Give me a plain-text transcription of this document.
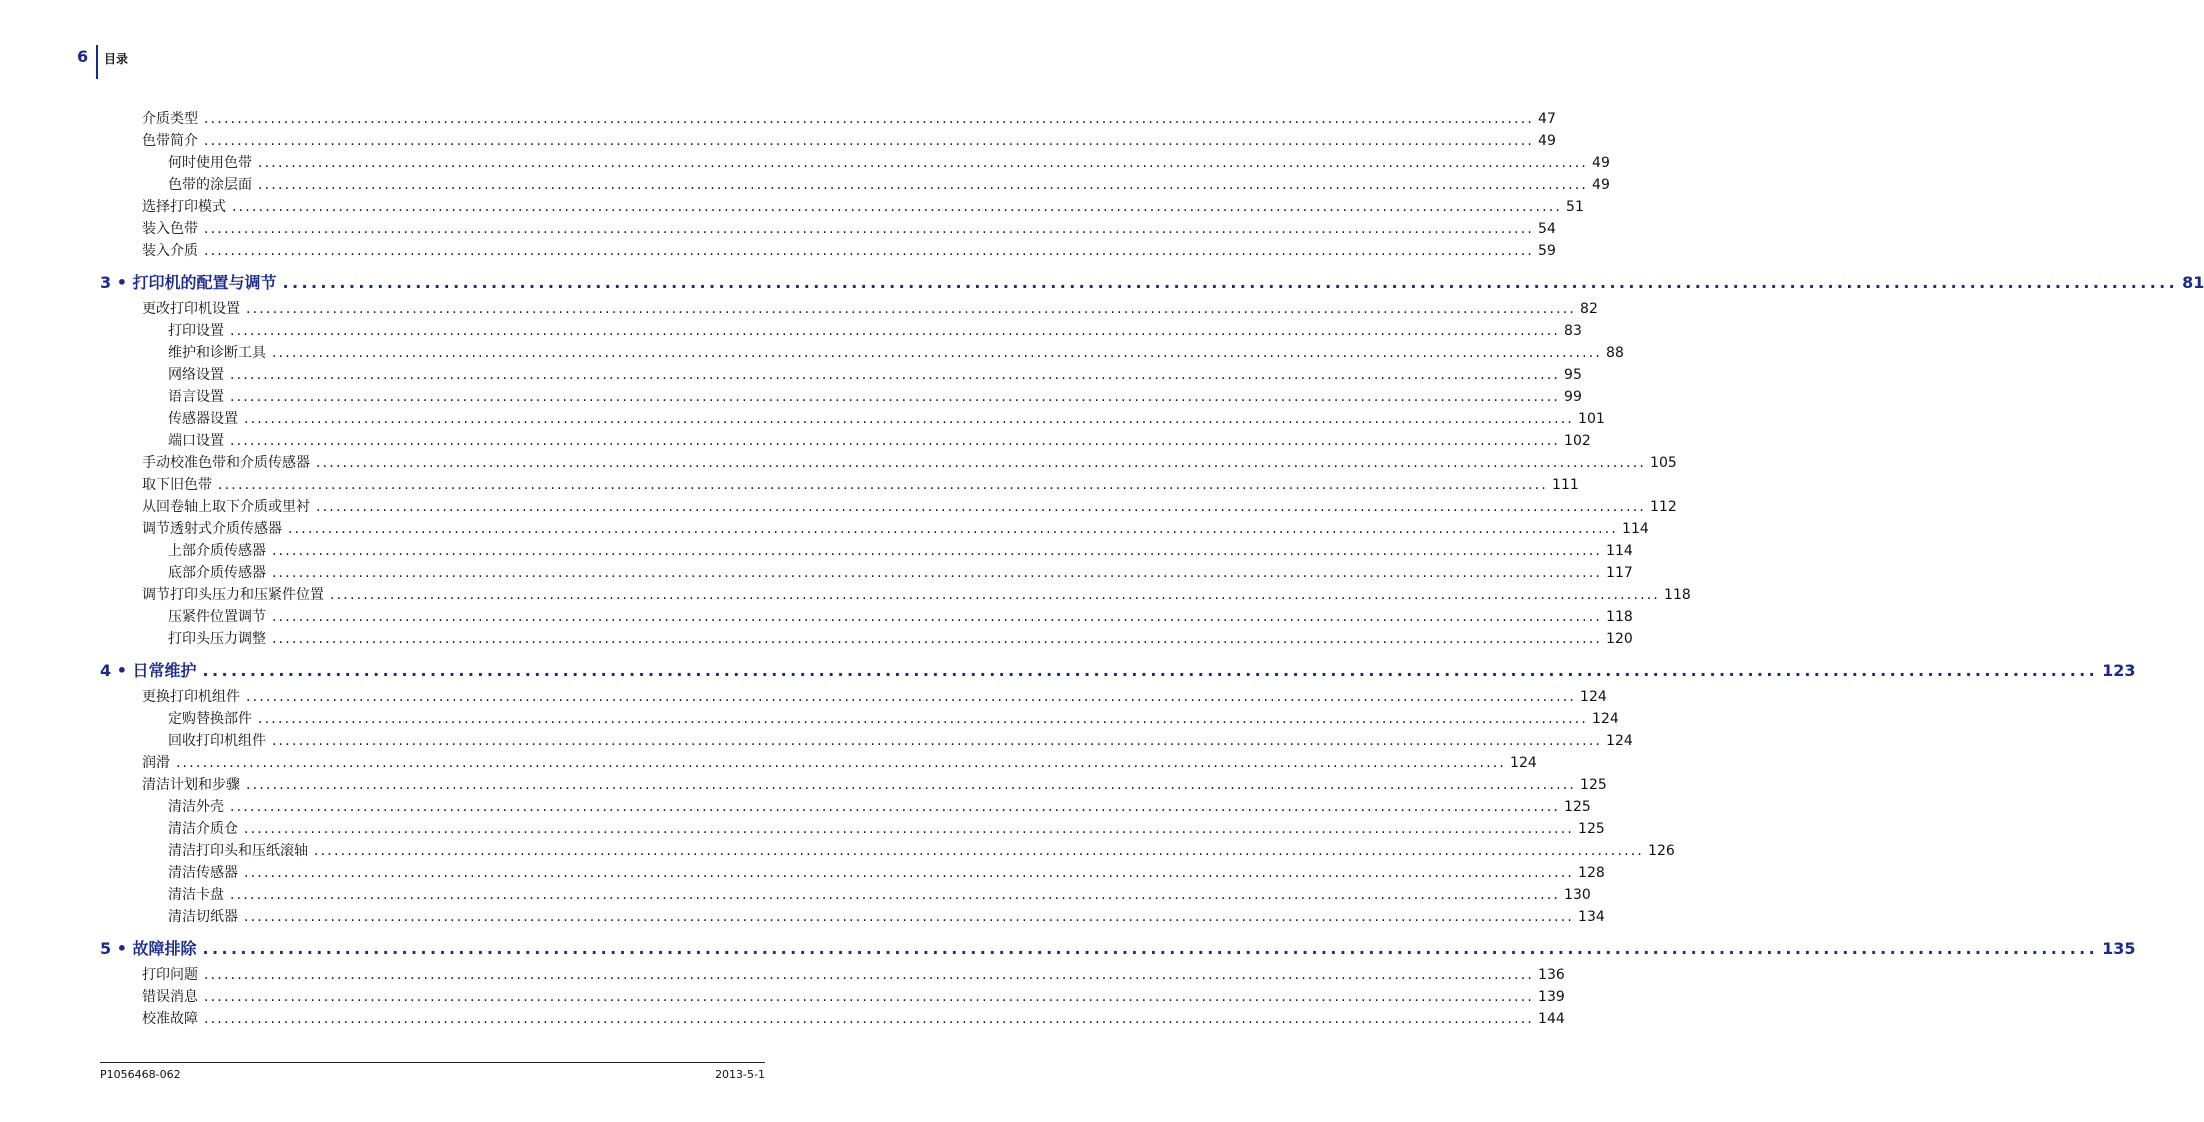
6 目录
介质类型 ........................................................................................................................................................................................................ 47
色带简介 ........................................................................................................................................................................................................ 49
何时使用色带 ........................................................................................................................................................................................................ 49
色带的涂层面 ........................................................................................................................................................................................................ 49
选择打印模式 ........................................................................................................................................................................................................ 51
装入色带 ........................................................................................................................................................................................................ 54
装入介质 ........................................................................................................................................................................................................ 59
3 • 打印机的配置与调节 ........................................................................................................................................................................................................ 81
更改打印机设置 ........................................................................................................................................................................................................ 82
打印设置 ........................................................................................................................................................................................................ 83
维护和诊断工具 ........................................................................................................................................................................................................ 88
网络设置 ........................................................................................................................................................................................................ 95
语言设置 ........................................................................................................................................................................................................ 99
传感器设置 ........................................................................................................................................................................................................ 101
端口设置 ........................................................................................................................................................................................................ 102
手动校准色带和介质传感器 ........................................................................................................................................................................................................ 105
取下旧色带 ........................................................................................................................................................................................................ 111
从回卷轴上取下介质或里衬 ........................................................................................................................................................................................................ 112
调节透射式介质传感器 ........................................................................................................................................................................................................ 114
上部介质传感器 ........................................................................................................................................................................................................ 114
底部介质传感器 ........................................................................................................................................................................................................ 117
调节打印头压力和压紧件位置 ........................................................................................................................................................................................................ 118
压紧件位置调节 ........................................................................................................................................................................................................ 118
打印头压力调整 ........................................................................................................................................................................................................ 120
4 • 日常维护 ........................................................................................................................................................................................................ 123
更换打印机组件 ........................................................................................................................................................................................................ 124
定购替换部件 ........................................................................................................................................................................................................ 124
回收打印机组件 ........................................................................................................................................................................................................ 124
润滑 ........................................................................................................................................................................................................ 124
清洁计划和步骤 ........................................................................................................................................................................................................ 125
清洁外壳 ........................................................................................................................................................................................................ 125
清洁介质仓 ........................................................................................................................................................................................................ 125
清洁打印头和压纸滚轴 ........................................................................................................................................................................................................ 126
清洁传感器 ........................................................................................................................................................................................................ 128
清洁卡盘 ........................................................................................................................................................................................................ 130
清洁切纸器 ........................................................................................................................................................................................................ 134
5 • 故障排除 ........................................................................................................................................................................................................ 135
打印问题 ........................................................................................................................................................................................................ 136
错误消息 ........................................................................................................................................................................................................ 139
校准故障 ........................................................................................................................................................................................................ 144
P1056468-062	2013-5-1
